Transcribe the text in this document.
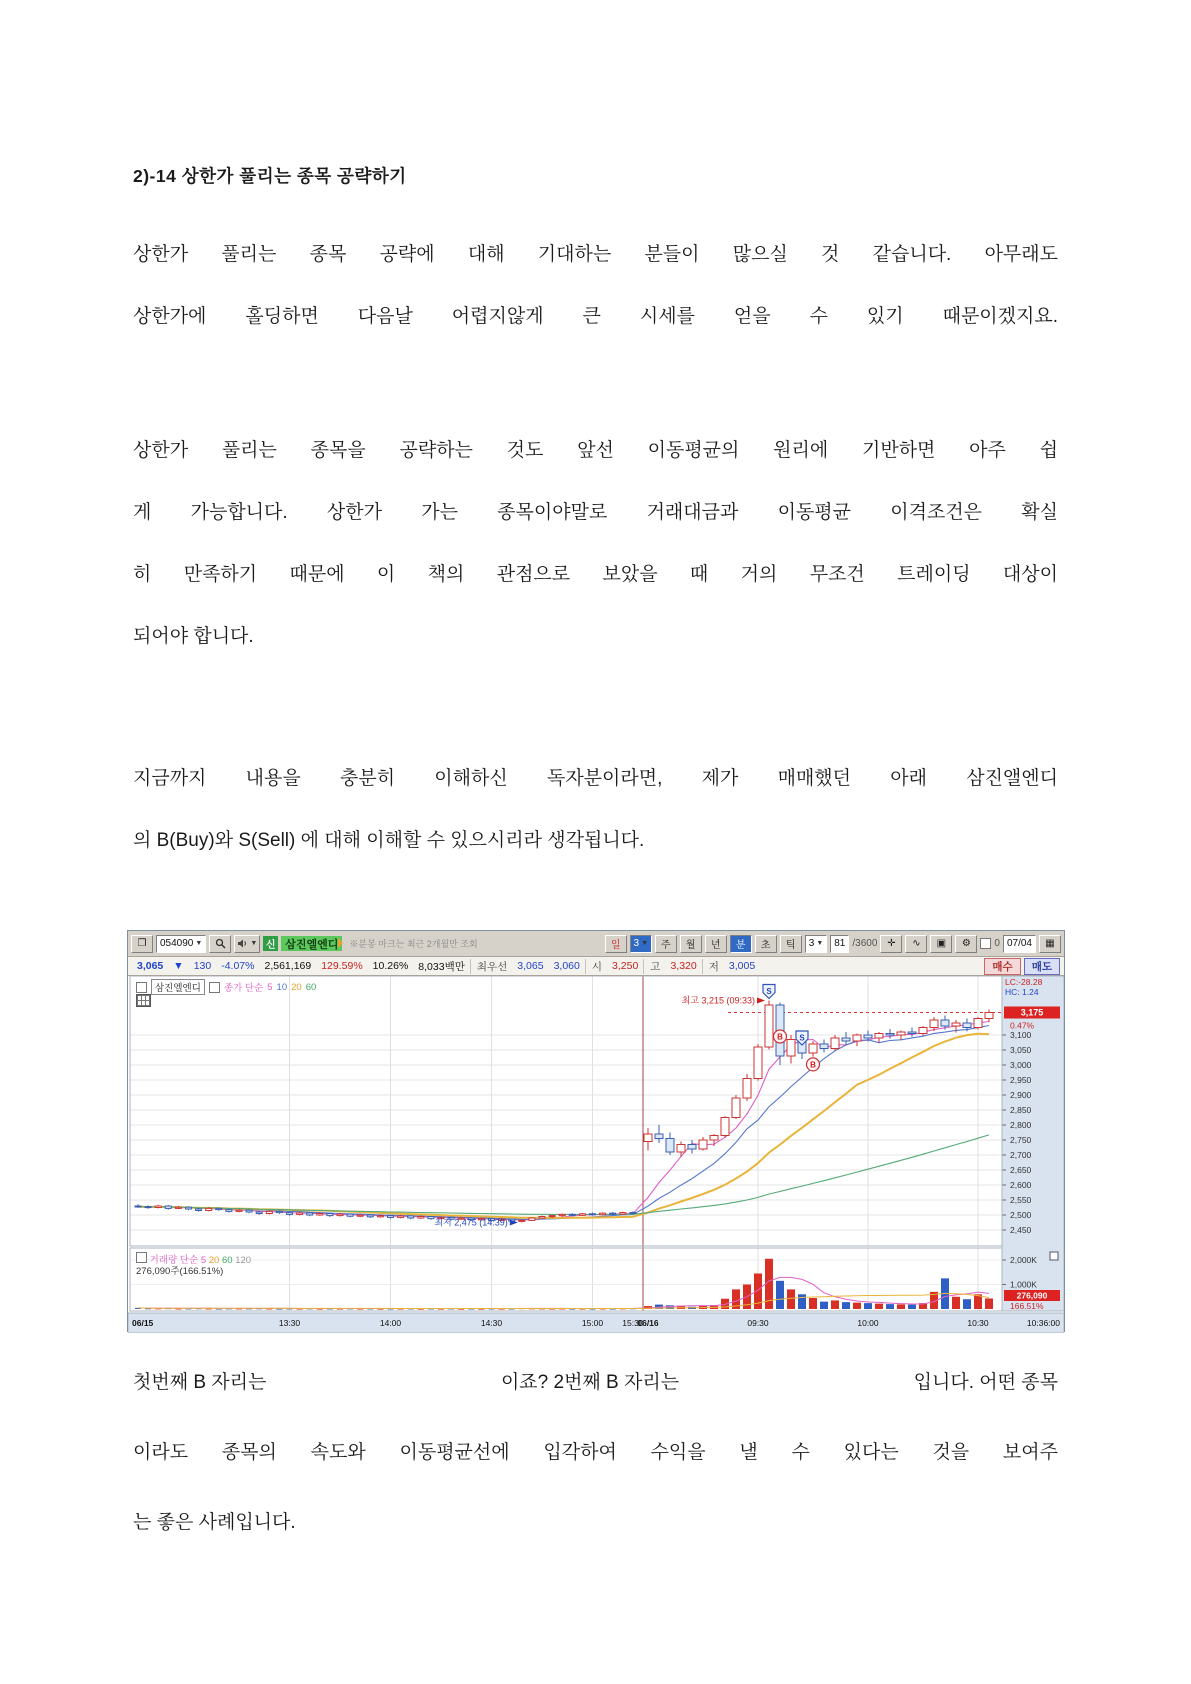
2)-14 상한가 풀리는 종목 공략하기
상한가 풀리는 종목 공략에 대해 기대하는 분들이 많으실 것 같습니다. 아무래도
상한가에 홀딩하면 다음날 어렵지않게 큰 시세를 얻을 수 있기 때문이겠지요.
상한가 풀리는 종목을 공략하는 것도 앞선 이동평균의 원리에 기반하면 아주 쉽
게 가능합니다. 상한가 가는 종목이야말로 거래대금과 이동평균 이격조건은 확실
히 만족하기 때문에 이 책의 관점으로 보았을 때 거의 무조건 트레이딩 대상이
되어야 합니다.
지금까지 내용을 충분히 이해하신 독자분이라면, 제가 매매했던 아래 삼진앨엔디
의 B(Buy)와 S(Sell) 에 대해 이해할 수 있으시리라 생각됩니다.
첫번째 B 자리는
	이죠? 2번째 B 자리는
	입니다. 어떤 종목
이라도 종목의 속도와 이동평균선에 입각하여 수익을 낼 수 있다는 것을 보여주
는 좋은 사례입니다.
❐	054090 ▼	▼ 신 삼진엘엔디	※분봉 마크는 최근 2개월만 조회	일	3 ▼	주	월	년	분	초	틱	3 ▼ 81 /3600 ✛	∿	▣	⚙	0 07/04	▦
3,065 ▼ 130 -4.07% 2,561,169 129.59% 10.26% 8,033백만	최우선 3,065 3,060	시 3,250	고 3,320	저 3,005	매수	매도
3,100
3,050
3,000
2,950
2,900
2,850
2,800
2,750
2,700
2,650
2,600
2,550
2,500
2,450
2,000K
1,000K
최고 3,215 (09:33)
최저 2,475 (14:39)
S
B S
B
LC:-28.28
HC: 1.24
3,175
0.47%
276,090
166.51%
06/15	13:30	14:00	14:30	15:00 15:30
06/16	09:30	10:00	10:30	10:36:00
삼진엘엔디	종가 단순 5 10 20 60
거래량 단순 5 20 60 120
276,090주(166.51%)
